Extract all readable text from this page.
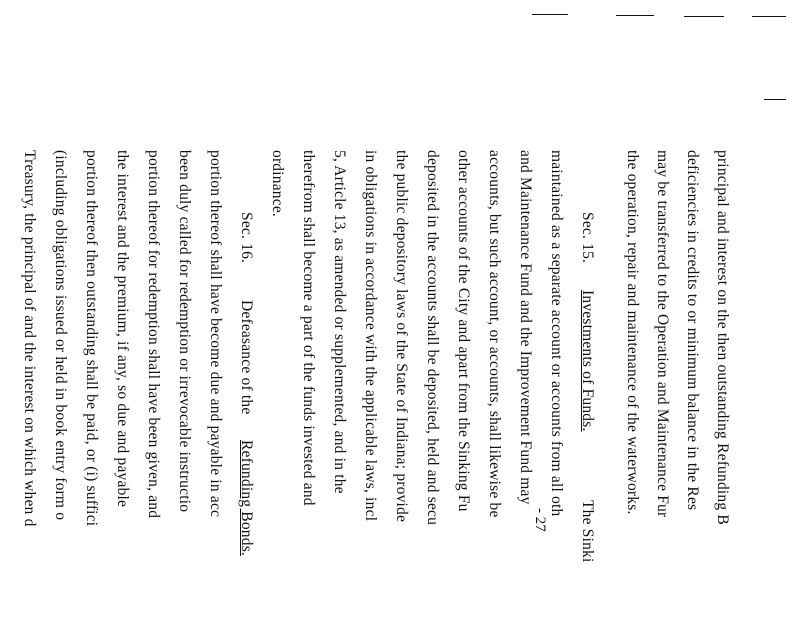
principal and interest on the then outstanding Refunding B
deficiencies in credits to or minimum balance in the Res
may be transferred to the Operation and Maintenance Fur
the operation, repair and maintenance of the waterworks.
Sec. 15.
Investments of Funds.
The Sinki
maintained as a separate account or accounts from all oth
and Maintenance Fund and the Improvement Fund may
accounts, but such account, or accounts, shall likewise be
other accounts of the City and apart from the Sinking Fu
deposited in the accounts shall be deposited, held and secu
the public depository laws of the State of Indiana; provide
in obligations in accordance with the applicable laws, incl
5, Article 13, as amended or supplemented, and in the
therefrom shall become a part of the funds invested and
ordinance.
Sec. 16.
Defeasance of the
Refunding Bonds.
portion thereof shall have become due and payable in acc
been duly called for redemption or irrevocable instructio
portion thereof for redemption shall have been given, and
the interest and the premium, if any, so due and payable
portion thereof then outstanding shall be paid, or (i) suffici
(including obligations issued or held in book entry form o
Treasury, the principal of and the interest on which when d	- 27
